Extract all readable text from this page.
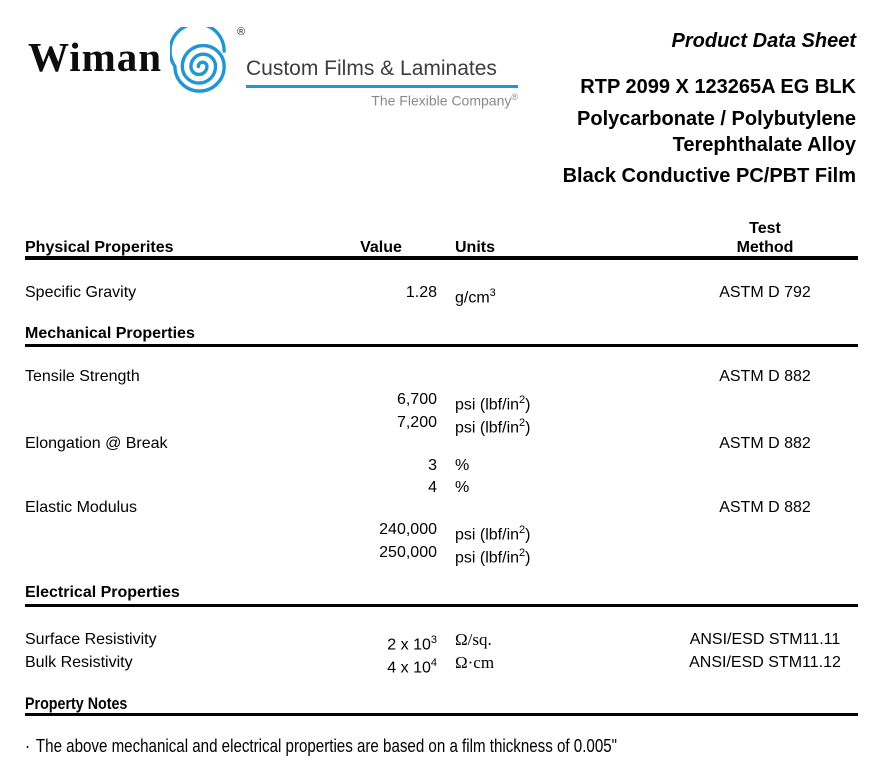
Wiman
®
Custom Films & Laminates
The Flexible Company®
Product Data Sheet
RTP 2099 X 123265A EG BLK
Polycarbonate / Polybutylene
Terephthalate Alloy
Black Conductive PC/PBT Film
Physical Properites	Value	Units
Test
Method
Specific Gravity	1.28 $g/cm^3$	ASTM D 792
Mechanical Properties
Tensile Strength	ASTM D 882
6,700 psi $(lbf/in^2)$
7,200 psi $(lbf/in^2)$
Elongation @ Break	ASTM D 882
3 %
4 %
Elastic Modulus	ASTM D 882
240,000 psi $(lbf/in^2)$
250,000 psi $(lbf/in^2)$
Electrical Properties
Surface Resistivity	2 x $10^3$ Ω/sq.	ANSI/ESD STM11.11
Bulk Resistivity	4 x $10^4$ Ω·cm	ANSI/ESD STM11.12
Property Notes
· The above mechanical and electrical properties are based on a film thickness of 0.005"
